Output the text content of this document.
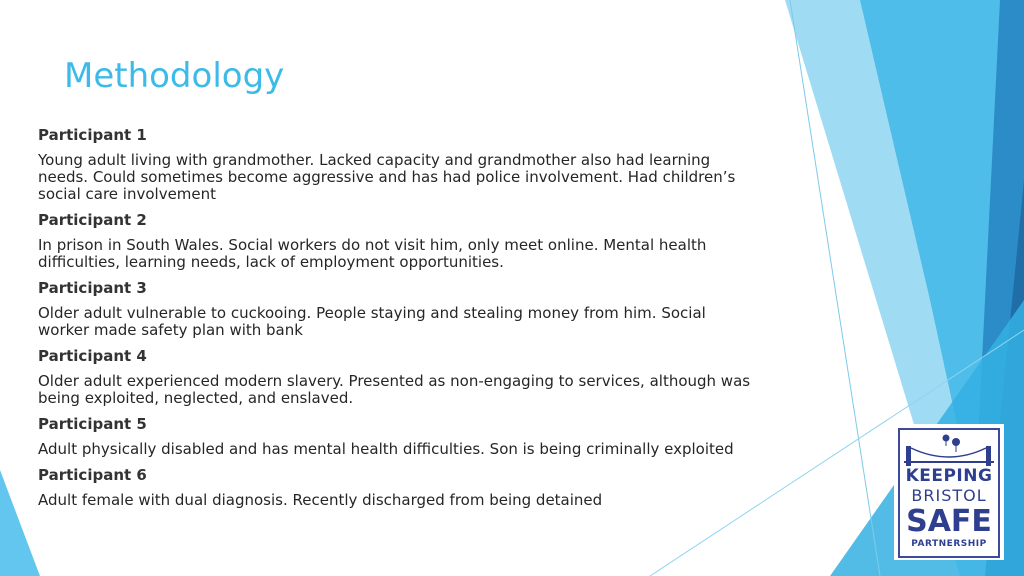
Methodology

Participant 1

Young adult living with grandmother. Lacked capacity and grandmother also had learning needs. Could sometimes become aggressive and has had police involvement. Had children’s social care involvement

Participant 2

In prison in South Wales. Social workers do not visit him, only meet online. Mental health difficulties, learning needs, lack of employment opportunities.

Participant 3

Older adult vulnerable to cuckooing. People staying and stealing money from him. Social worker made safety plan with bank

Participant 4

Older adult experienced modern slavery. Presented as non-engaging to services, although was being exploited, neglected, and enslaved.

Participant 5

Adult physically disabled and has mental health difficulties. Son is being criminally exploited

Participant 6

Adult female with dual diagnosis. Recently discharged from being detained

KEEPING
BRISTOL
SAFE
PARTNERSHIP
